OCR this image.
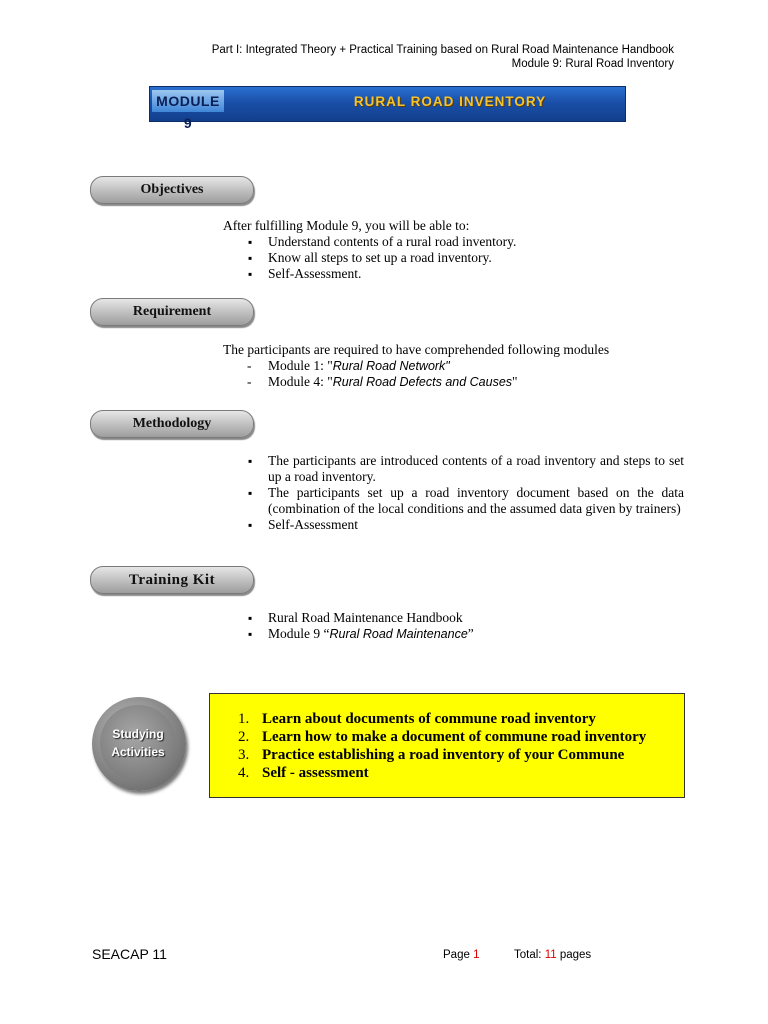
Part I: Integrated Theory + Practical Training based on Rural Road Maintenance Handbook
Module 9: Rural Road Inventory
MODULE 9
RURAL ROAD INVENTORY
Objectives
After fulfilling Module 9, you will be able to:
▪ Understand contents of a rural road inventory.
▪ Know all steps to set up a road inventory.
▪ Self-Assessment.
Requirement
The participants are required to have comprehended following modules
- Module 1: "Rural Road Network"
- Module 4: "Rural Road Defects and Causes"
Methodology
▪ The participants are introduced contents of a road inventory and steps to set up a road inventory.
▪ The participants set up a road inventory document based on the data (combination of the local conditions and the assumed data given by trainers)
▪ Self-Assessment
Training Kit
▪ Rural Road Maintenance Handbook
▪ Module 9 “Rural Road Maintenance”
Studying
Activities
1. Learn about documents of commune road inventory
2. Learn how to make a document of commune road inventory
3. Practice establishing a road inventory of your Commune
4. Self - assessment
SEACAP 11	Page 1	Total: 11 pages
